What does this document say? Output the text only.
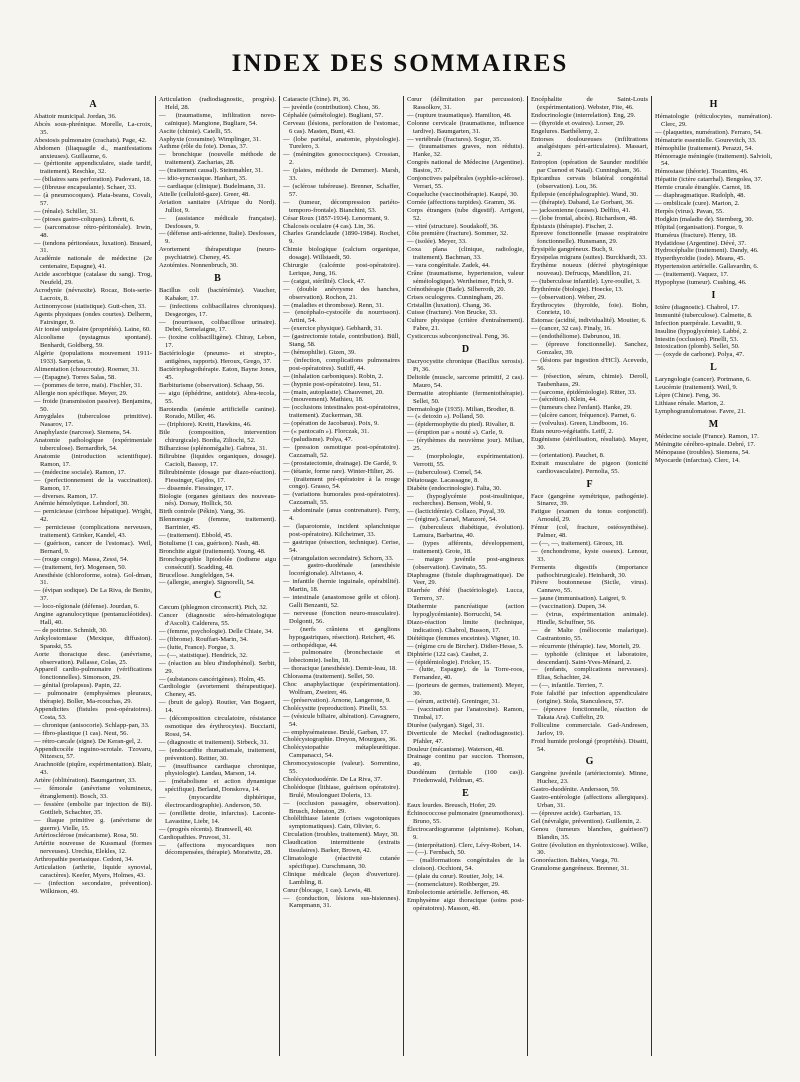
INDEX DES SOMMAIRES
A
Abattoir municipal. Jordan, 36.
Abcès sous-phrénique. Morelle, La-croix, 35.
Abestosis pulmonaire (crachats). Page, 42.
Abdomen (iliaquagile d., manifestations anxieuses). Guillaume, 6.
— (péritonite appendiculaire, stade tardif, traitement). Reschke, 32.
— (biliaires sans perforation). Padovani, 18.
— (fibreuse encapsulante). Schaer, 33.
— (à pneumocoques). Plata-beanu, Covali, 57.
— (rénale). Schiller, 31.
— (ptoses gastro-coliques). Librett, 6.
— (sarcomatose rétro-péritonéale). Irwin, 48.
— (tendons péritonéaux, luxation). Brasard, 31.
Académie nationale de médecine (2e centenaire, Espagne), 41.
Acide ascorbique (catalase du sang). Trog, Neufeld, 29.
Acrodynie (névraxite). Rocaz, Bois-serie-Lacroix, 8.
Actinomycose (statistique). Gutt-chen, 33.
Agents physiques (ondes courtes). Delherm, Fairsinger, 9.
Air ionisé unipolaire (propriétés). Laine, 60.
Alcoolisme (nystagmus spontané). Benhardt, Goldberg, 59.
Algérie (populations mouvement 1911-1933). Sarportas, 9.
Alimentation (choucroute). Roemer, 31.
— (Espagne). Torres Salas, 58.
— (pommes de terre, maïs). Fischler, 31.
Allergie non spécifique. Meyer, 29.
— froide (transmission passive). Benjamins, 50.
Amygdales (tuberculose primitive). Nasarov, 17.
Anaphylaxie (narcose). Siemens, 54.
Anatomie pathologique (expérimentale tuberculose). Bernardbrk, 54.
Anatomie (introduction scientifique). Ramon, 17.
— (médecine sociale). Ramon, 17.
— (perfectionnement de la vaccination). Ramon, 17.
— diverses. Ramon, 17.
Anémie hémolytique. Lehndorf, 30.
— pernicieuse (cirrhose hépatique). Wright, 42.
— pernicieuse (complications nerveuses, traitement). Grinker, Kandel, 43.
— (guérison, cancer de l'estomac). Weil, Bernard, 9.
— (rouge congo). Massa, Zessi, 54.
— (traitement, fer). Mogensen, 50.
Anesthésie (chloroforme, soins). Gol-dman, 31.
— (évipan sodique). De La Riva, de Benito, 37.
— loco-régionale (défense). Jourdan, 6.
Angine agranulocytique (pentanucléotides). Hall, 40.
— de poitrine. Schmidt, 30.
Ankylostomiase (Mexique, diffusion). Spanski, 55.
Aorte thoracique desc. (anévrisme, observation). Pallasse, Colas, 25.
Appareil cardio-pulmonaire (vérifications fonctionnelles). Simonson, 29.
— génital (prolapsus). Papin, 22.
— pulmonaire (emphysèmes pleuraux, thérapie). Boller, Ma-rcouchas, 29.
Appendicites (fistules post-opératoires). Costa, 53.
— chronique (anisocorie). Schlapp-pan, 33.
— fibro-plastique (1 cas). Neut, 56.
— rétro-cæcale (signe). De Keran-gel, 2.
Appendicocèle inguino-scrotale. Tzovaru, Nitzescu, 57.
Arachnoïde (piqûre, expérimentation). Blair, 43.
Artère (oblitération). Baumgartner, 33.
— fémorale (anévrisme volumineux, étranglement). Bosch, 33.
— fessière (embolie par injection de Bi). Gottlieb, Schachter, 35.
— iliaque primitive g. (anévrisme de guerre). Vielle, 15.
Artériosclérose (mécanisme). Rosa, 50.
Artérite nouveuse de Kussmaul (formes nerveuses). Urechia, Elekles, 12.
Arthropathie psoriasique. Cedoni, 34.
Articulation (arthrite, liquide synovial, caractères). Keefer, Myers, Holmes, 43.
— (infection secondaire, prévention). Wilkinson, 49.
Articulation (radiodiagnostic, progrès). Held, 28.
— (traumatisme, infiltration novo-caïnique). Mangione, Bugliare, 54.
Ascite (chimie). Catelli, 55.
Asphyxie (coramine). Wimplinger, 31.
Asthme (rôle du foie). Donas, 37.
— bronchique (nouvelle méthode de traitement). Zacharias, 28.
— (traitement causal). Steinmahler, 31.
— idio-syncrasique. Hanhart, 35.
— cardiaque (clinique). Budelmann, 31.
Attelle (celluloïd-gaze). Greer, 48.
Aviation sanitaire (Afrique du Nord). Julliot, 9.
— (assistance médicale française). Desfosses, 9.
— (défense anti-aérienne, Italie). Desfosses, 9.
Avortement thérapeutique (neuro-psychiatrie). Cheney, 45.
Azotémies. Nonnenbruch, 30.
B
Bacillus coli (bactériémie). Vaucher, Kabaker, 17.
— (infections colibacillaires chroniques). Desgeorges, 17.
— (nourrisson, colibacillose urinaire). Debré, Semelaigne, 17.
— (toxine colibacilligène). Chiray, Lebon, 17.
Bactériologie (pneumo- et strepto-, antigènes, rapports). Heroux, Grego, 37.
Bactériophagothérapie. Eaton, Bayne Jones, 45.
Barbiturisme (observation). Schaap, 56.
— aigu (éphédrine, antidote). Abra-tecola, 55.
Barotendis (anémie artificielle canine). Rorado, Miller, 46.
— (Iriphiore). Kreitt, Hawkins, 46.
Bile (composition, intervention chirurgicale). Bordia, Ziliochi, 52.
Bilharziose (splénomégalie). Gabrea, 31.
Bilirubine (liquides organiques, dosage). Cacioli, Bassop, 17.
Bilirubinémie (dosage par diazo-réaction). Fiessinger, Gajdos, 17.
— dissemée. Fiessinger, 17.
Biologie (organes génitaux des nouveau-nés). Dorsay, Hollick, 50.
Birth controle (Pékin). Yang, 36.
Blennorragie (femme, traitement). Barrinier, 45.
— (traitement). Ebbold, 45.
Botulisme (1 cas, guérison). Nash, 48.
Bronchite aiguë (traitement). Young, 48.
Bronchographie lipiodolée (iodisme aigu consécutif). Scadding, 48.
Brucellose. Jungfeldgen, 54.
— (allergie, anergie). Signorelli, 54.
C
Cæcum (phlegmon circonscrit). Pich, 32.
Cancer (diagnostic séro-hématologique d'Ascoli). Calderera, 55.
— (femme, psychologie). Delle Chiaie, 34.
— (fibrome). Rouffart-Marin, 34.
— (lutte, France). Forgue, 3.
— (—, statistique). Hendrick, 32.
— (réaction au bleu d'indophénol). Serbit, 29.
— (substances cancérigènes). Holm, 45.
Cardiologie (avortement thérapeutique). Cheney, 45.
— (bruit de galop). Routier, Van Bogaert, 14.
— (décomposition circulatoire, résistance osmotique des érythrocytes). Bucciarti, Rossi, 54.
— (diagnostic et traitement). Sirbeck, 31.
— (endocardite rhumatismale, traitement, prévention). Reitter, 30.
— (insuffisance cardiaque chronique, physiologie). Landau, Marson, 14.
— (métabolisme et action dynamique spécifique). Berland, Donskova, 14.
— (myocardite diphtérique, électrocardiographie). Anderson, 50.
— (oreillette droite, infarctus). Laconie-Lavastine, Liebr, 14.
— (progrès récents). Bramwell, 40.
Cardiopathies. Pruvost, 31.
— (affections myocardiques non décompensées, thérapie). Moratwitz, 28.
Cataracte (Chine). Pi, 36.
— juvénile (contribution). Chou, 36.
Céphalée (séméiologie). Bugliani, 57.
Cerveau (lésions, perforation de l'estomac, 6 cas). Masten, Bunt, 43.
— (lobe pariétal, anatomie, physiologie). Turelero, 3.
— (méningites gonococciques). Crossian, 2.
— (plaies, méthode de Demmer). Marsh, 33.
— (sclérose tubéreuse). Brenner, Schaffer, 57.
— (tumeur, décompression pariéto-temporo-frontale). Bianchini, 53.
César Roux (1857-1934). Lenormant, 9.
Chalcosis oculaire (4 cas). Lin, 36.
Charles Grandclaude (1890-1984). Rochet, 9.
Chimie biologique (calcium organique, dosage). Willstaedt, 50.
Chirurgie (calcémie post-opératoire). Lerique, Jung, 16.
— (catgut, stérilité). Clock, 47.
— (double anévrysme des hanches, observation). Rochon, 21.
— (maladies et thrombose). Renn, 31.
— (encéphalo-cystocèle du nourrisson). Artini, 54.
— (exercice physique). Gebhardt, 31.
— (gastrectomie totale, contribution). Büll, Stang, 58.
— (hémophilie). Gizen, 39.
— (infection, complications pulmonaires post-opératoires). Sutliff, 44.
— (inhalation carboniques). Robin, 2.
— (hypnie post-opératoire). Iesu, 51.
— (main, autoplastie). Chauvenet, 20.
— (mouvement). Mathieu, 18.
— (occlusions intestinales post-opératoires, traitement). Zuckerman, 38.
— (opération de Jacobæus). Poix, 9.
— (« pantocaïn »). Florczak, 31.
— (paludisme). Polya, 47.
— (pression osmotique post-opératoire). Cazzamali, 52.
— (prostatectomie, drainage). De Gardé, 9.
— (tétanie, forme rare). Winter-Hilter, 26.
— (traitement pré-opératoire à la rouge congo). Grasso, 54.
— (variations humorales post-opératoires). Cazzamali, 55.
— abdominale (anus contrenature). Ferry, 4.
— (laparotomie, incident splanchnique post-opératoire). Kilcheimer, 33.
— gastrique (résection, technique). Cerise, 54.
— (strangulation secondaire). Schorn, 33.
— gastro-duodénale (anesthésie locorégionale). Aliviasso, 4.
— infantile (hernie inguinale, opérabilité). Martin, 18.
— intestinale (anastomose grêle et côlon). Galli Benzanti, 52.
— nerveuse (fonction neuro-musculaire). Dolgonti, 56.
— (nerfs crâniens et ganglions hypogastriques, résection). Reichert, 46.
— orthopédique, 44.
— pulmonaire (bronchectasie et lobectomie). Iselin, 18.
— thoracique (anesthésie). Demir-leau, 18.
Chlorasma (traitement). Sellei, 50.
Choc anaphylactique (expérimentation). Wolfram, Zweirer, 46.
— (préservation). Arnone, Langerone, 9.
Cholécystite (reproduction). Pinelli, 53.
— (vésicule biliaire, altération). Cavagnero, 54.
— emphysémateuse. Brulé, Garban, 17.
Cholécystographie. Dreyon, Mourgues, 36.
Cholécystopathie métapleurétique. Campanacci, 54.
Chromocystoscopie (valeur). Sorrentino, 55.
Cholécystoduodénie. De La Riva, 37.
Cholédoque (lithiase, guérison opératoire). Brulé, Moulonguet Doleris, 13.
— (occlusion passagère, observation). Brusch, Johnston, 29.
Cholélithiase latente (crises vagotoniques symptomatiques). Cain, Olivier, 6.
Circulation (troubles, traitement). Mayr, 30.
Claudication intermittente (extraits tissulaires). Barker, Brown, 42.
Climatologie (réactivité cutanée spécifique). Curschmann, 30.
Clinique médicale (leçon d'ouverture). Lambling, 8.
Cœur (blocage, 1 cas). Lewis, 48.
— (conduction, lésions sus-hisiennes). Kampmann, 31.
Cœur (délimitation par percussion). Rassolkov, 31.
— (rupture traumatique). Hamilton, 48.
Colonne cervicale (traumatisme, influence tardive). Baumgarten, 31.
— vertébrale (fractures). Sogur, 35.
— (traumatismes graves, non réduits). Hanke, 32.
Congrès national de Médecine (Argentine). Bastos, 37.
Conjonctives palpébrales (syphilo-sclérose). Verrari, 55.
Coqueluche (vaccinothérapie). Kaupé, 30.
Cornée (affections turpides). Gramm, 36.
Corps étrangers (tube digestif). Arrigoni, 52.
— vitré (structure). Soudakoff, 36.
Côte première (fracture). Sommer, 32.
— (isolée). Meyer, 33.
Coxa plana (clinique, radiologie, traitement). Bachman, 33.
— vara congénitale. Zadek, 44.
Crâne (traumatisme, hypertension, valeur séméiologique). Wertheimer, Frich, 9.
Crénothérapie (Bade). Silberroth, 20.
Crises oculogyres. Cunningham, 26.
Cristallin (luxation). Chang, 36.
Cuisse (fracture). Von Brucke, 33.
Culture physique (critère d'entraînement). Fabre, 21.
Cysticercus subconjonctival. Feng, 36.
D
Dacryocystite chronique (Bacillus xerosis). Pi, 36.
Deltoïde (muscle, sarcome primitif, 2 cas). Mauro, 54.
Dermatite atrophiante (fermentothérapie). Sellei, 50.
Dermatologie (1935). Milian, Brodier, 8.
— (« detoxin »). Polland, 50.
— (épidermophytie du pied). Rivalier, 8.
— (éruption par « nouté »). Carle, 9.
— (érythèmes du neuvième jour). Milian, 25.
— (morphologie, expérimentation). Verrotti, 55.
— (tuberculose). Comel, 54.
Détatouage. Lacassagne, 8.
Diabète (endocrinologie). Falta, 30.
— (hypoglycémie post-insulinique, recherches). Benson, Wohl, 9.
— (lacticidémie). Collazo, Puyal, 39.
— (régime). Caruel, Manzoré, 54.
— (tuberculeux diabétique, évolution). Lamura, Barbarina, 40.
— (types afférents, développement, traitement). Grote, 18.
— maigre juvénile post-angineux (observation). Cavinato, 55.
Diaphragme (fistule diaphragmatique). De Veer, 29.
Diarrhée d'été (bactériologie). Lucca, Terrero, 37.
Diathermie pancréatique (action hypoglycémiante). Borrucchi, 54.
Diazo-réaction limite (technique, indication). Chabrol, Busson, 17.
Diététique (femmes enceintes). Vigner, 10.
— (régime cru de Bircher). Didier-Hesse, 5.
Diphtérie (122 cas). Caubet, 2.
— (épidémiologie). Fricker, 15.
— (lutte, Espagne). de la Torre-roos, Fernandez, 40.
— (porteurs de germes, traitement). Meyer, 30.
— (sérum, activité). Greninger, 31.
— (vaccination par l'anatoxine). Ramon, Timbal, 17.
Diurèse (salyrgan). Sigel, 31.
Diverticule de Meckel (radiodiagnostic). Pfahler, 47.
Douleur (mécanisme). Waterson, 48.
Drainage continu par succion. Thomson, 49.
Duodénum (irritable (100 cas)). Friedenwald, Feldman, 45.
E
Eaux lourdes. Breusch, Hofer, 29.
Échinococcose pulmonaire (pneumothorax). Bruno, 55.
Électrocardiogramme (alpinisme). Kohan, 9.
— (interprétation). Clerc, Lévy-Robert, 14.
— (—). Fernbach, 50.
— (malformations congénitales de la cloison). Occhioni, 54.
— (plaie du cœur). Routier, Joly, 14.
— (nomenclature). Rothberger, 29.
Embolectomie artérielle. Jefferson, 48.
Emphysème aigu thoracique (soins post-opératoires). Masson, 48.
Encéphalite de Saint-Louis (expérimentation). Webster, Fite, 46.
Endocrinologie (interrelation). Eng, 29.
— (thyroïde et ovaires). Lorser, 29.
Engelures. Barthélemy, 2.
Entorses douloureuses (infiltrations analgésiques péri-articulaires). Massart, 2.
Entropion (opération de Saunder modifiée par Cuenod et Natal). Cunningham, 36.
Epicanthus cervais bilatéral congénital (observation). Lou, 36.
Épilepsie (encéphalographie). Wand, 30.
— (thérapie). Daband, Le Gorbant, 36.
— jacksonienne (causes). Delfito, 41.
— (lobe frontal, abcès). Richardson, 48.
Épistaxis (thérapie). Fischer, 2.
Épreuve fonctionnelle (masse respiratoire fonctionnelle). Hunsmann, 29.
Érysipèle gangréneux. Buch, 9.
Érysipelas migrans (suites). Burckhardt, 33.
Érythème noueux (dérivé phytogénique nouveau). Defrucqs, Mandillon, 21.
— (tuberculose infantile). Lyre-roullet, 3.
Érythrémie (biologie). Hoecke, 13.
— (observation). Weber, 29.
Érythrocytes (thyroïde, foie). Bohn, Conrietz, 10.
Estomac (acidité, individualité). Moutier, 6.
— (cancer, 32 cas). Finaly, 16.
— (endothéliome). Dabrunou, 18.
— (épreuve fonctionnelle). Sanchez, Gonzalez, 39.
— (lésions par ingestion d'HCl). Acevedo, 56.
— (résection, sérum, chimie). Deroll, Taubenhaus, 29.
— (sarcome, épidémiologie). Ritter, 33.
— (sécrétion). Klein, 44.
— (tumeurs chez l'enfant). Hanke, 29.
— (ulcère cancer, fréquence). Parnet, 6.
— (volvulus). Green, Lindboom, 16.
États neuro-végétatifs. Leiff, 2.
Eugénisme (stérilisation, résultats). Mayer, 30.
— (orientation). Pauchet, 8.
Extrait musculaire de pigeon (tonicité cardiovasculaire). Pernolia, 55.
F
Face (gangrène symétrique, pathogénie). Sinarez, 39.
Fatigue (examen du tonus conjonctif). Arnould, 29.
Fémur (col, fracture, ostéosynthèse). Palmer, 48.
— (—, —, traitement). Giroux, 18.
— (enchondrome, kyste osseux). Lenour, 33.
Ferments digestifs (importance pathochirurgicale). Heinhardt, 30.
Fièvre boutonneuse (Sicile, virus). Cannavo, 55.
— jaune (immunisation). Laigret, 9.
— (vaccination). Dupen, 34.
— (virus, expérimentation animale). Hindle, Schuffner, 56.
— de Malte (mélioconie malarique). Castrantonio, 55.
— récurrente (thérapie). Iaw, Morteli, 29.
— typhoïde (clinique et laboratoire, descendant). Saint-Yves-Ménard, 2.
— (enfants, complications nerveuses). Elias, Schachter, 24.
— (—, infantile. Terrien, 7.
Foie falsifié par infection appendiculaire (origine). Stola, Stanculescu, 57.
— (épreuve fonctionnelle, réaction de Takata Ara). Cuffelin, 29.
Folliculine commerciale. Gad-Andresen, Jarlov, 19.
Froid humide prolongé (propriétés). Disatti, 54.
G
Gangrène juvénile (artériectomie). Minne, Huchez, 23.
Gastro-duodénite. Andersson, 59.
Gastro-entérologie (affections allergiques). Urban, 31.
— (épreuve acide). Gurbarian, 13.
Gel (névralgie, prévention). Guillemin, 2.
Genou (tumeurs blanches, guérison?) Blandin, 35.
Goitre (évolution en thyréotoxicose). Wilke, 30.
Gonoréaction. Babies, Vaega, 70.
Granulome gangréneux. Brenner, 31.
H
Hématologie (réticulocytes, numération). Clerc, 29.
— (plaquettes, numération). Ferraro, 54.
Hématurie essentielle. Gourevitch, 33.
Hémophilie (traitement). Perazzi, 54.
Hémorragie méningée (traitement). Salvioli, 54.
Hémostase (théorie). Tocantins, 46.
Hépatite (ictère catarrhal). Bengolea, 37.
Hernie crurale étranglée. Carnot, 18.
— diaphragmatique. Rudolph, 48.
— ombilicale (cure). Marion, 2.
Herpès (virus). Pavan, 55.
Hodgkin (maladie de). Sternberg, 30.
Hôpital (organisation). Forgue, 9.
Humérus (fracture). Henry, 18.
Hydatidose (Argentine). Dévé, 37.
Hydrocéphalie (traitement). Dandy, 46.
Hyperthyroïdie (iode). Means, 45.
Hypertension artérielle. Gallavardin, 6.
— (traitement). Vaquez, 17.
Hypophyse (tumeur). Cushing, 46.
I
Ictère (diagnostic). Chabrol, 17.
Immunité (tuberculose). Calmette, 8.
Infection puerpérale. Levaditi, 9.
Insuline (hypoglycémie). Labbé, 2.
Intestin (occlusion). Pinelli, 53.
Intoxication (plomb). Sellei, 50.
— (oxyde de carbone). Polya, 47.
L
Laryngologie (cancer). Portmann, 6.
Leucémie (traitement). Weil, 9.
Lèpre (Chine). Feng, 36.
Lithiase rénale. Marion, 2.
Lymphogranulomatose. Favre, 21.
M
Médecine sociale (France). Ramon, 17.
Méningite cérébro-spinale. Debré, 17.
Ménopause (troubles). Siemens, 54.
Myocarde (infarctus). Clerc, 14.
